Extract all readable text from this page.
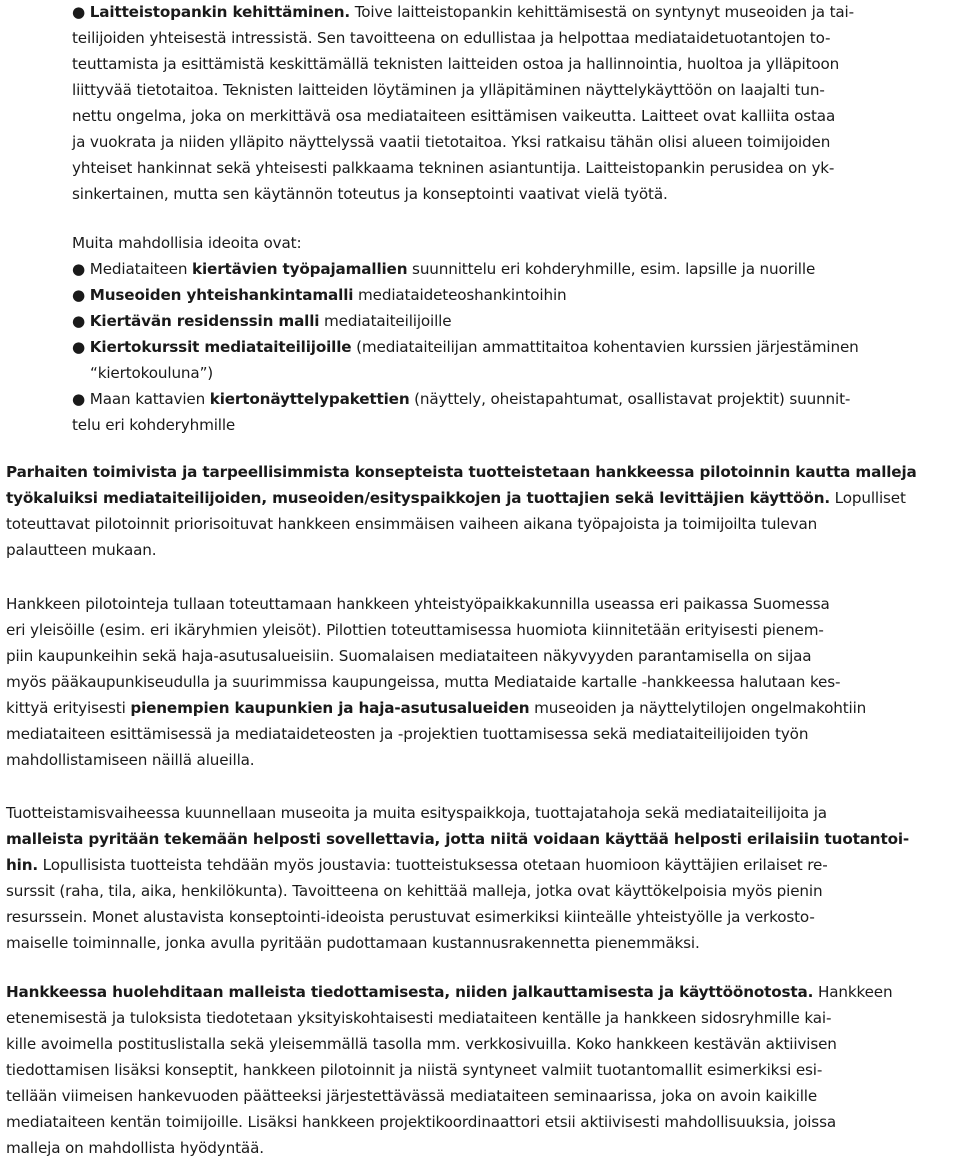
● Laitteistopankin kehittäminen. Toive laitteistopankin kehittämisestä on syntynyt museoiden ja tai-
teilijoiden yhteisestä intressistä. Sen tavoitteena on edullistaa ja helpottaa mediataidetuotantojen to-
teuttamista ja esittämistä keskittämällä teknisten laitteiden ostoa ja hallinnointia, huoltoa ja ylläpitoon
liittyvää tietotaitoa. Teknisten laitteiden löytäminen ja ylläpitäminen näyttelykäyttöön on laajalti tun-
nettu ongelma, joka on merkittävä osa mediataiteen esittämisen vaikeutta. Laitteet ovat kalliita ostaa
ja vuokrata ja niiden ylläpito näyttelyssä vaatii tietotaitoa. Yksi ratkaisu tähän olisi alueen toimijoiden
yhteiset hankinnat sekä yhteisesti palkkaama tekninen asiantuntija. Laitteistopankin perusidea on yk-
sinkertainen, mutta sen käytännön toteutus ja konseptointi vaativat vielä työtä.
Muita mahdollisia ideoita ovat:
● Mediataiteen kiertävien työpajamallien suunnittelu eri kohderyhmille, esim. lapsille ja nuorille
● Museoiden yhteishankintamalli mediataideteoshankintoihin
● Kiertävän residenssin malli mediataiteilijoille
● Kiertokurssit mediataiteilijoille (mediataiteilijan ammattitaitoa kohentavien kurssien järjestäminen
“kiertokouluna”)
● Maan kattavien kiertonäyttelypakettien (näyttely, oheistapahtumat, osallistavat projektit) suunnit-
telu eri kohderyhmille
Parhaiten toimivista ja tarpeellisimmista konsepteista tuotteistetaan hankkeessa pilotoinnin kautta malleja
työkaluiksi mediataiteilijoiden, museoiden/esityspaikkojen ja tuottajien sekä levittäjien käyttöön. Lopulliset
toteuttavat pilotoinnit priorisoituvat hankkeen ensimmäisen vaiheen aikana työpajoista ja toimijoilta tulevan
palautteen mukaan.
Hankkeen pilotointeja tullaan toteuttamaan hankkeen yhteistyöpaikkakunnilla useassa eri paikassa Suomessa
eri yleisöille (esim. eri ikäryhmien yleisöt). Pilottien toteuttamisessa huomiota kiinnitetään erityisesti pienem-
piin kaupunkeihin sekä haja-asutusalueisiin. Suomalaisen mediataiteen näkyvyyden parantamisella on sijaa
myös pääkaupunkiseudulla ja suurimmissa kaupungeissa, mutta Mediataide kartalle -hankkeessa halutaan kes-
kittyä erityisesti pienempien kaupunkien ja haja-asutusalueiden museoiden ja näyttelytilojen ongelmakohtiin
mediataiteen esittämisessä ja mediataideteosten ja -projektien tuottamisessa sekä mediataiteilijoiden työn
mahdollistamiseen näillä alueilla.
Tuotteistamisvaiheessa kuunnellaan museoita ja muita esityspaikkoja, tuottajatahoja sekä mediataiteilijoita ja
malleista pyritään tekemään helposti sovellettavia, jotta niitä voidaan käyttää helposti erilaisiin tuotantoi-
hin. Lopullisista tuotteista tehdään myös joustavia: tuotteistuksessa otetaan huomioon käyttäjien erilaiset re-
surssit (raha, tila, aika, henkilökunta). Tavoitteena on kehittää malleja, jotka ovat käyttökelpoisia myös pienin
resurssein. Monet alustavista konseptointi-ideoista perustuvat esimerkiksi kiinteälle yhteistyölle ja verkosto-
maiselle toiminnalle, jonka avulla pyritään pudottamaan kustannusrakennetta pienemmäksi.
Hankkeessa huolehditaan malleista tiedottamisesta, niiden jalkauttamisesta ja käyttöönotosta. Hankkeen
etenemisestä ja tuloksista tiedotetaan yksityiskohtaisesti mediataiteen kentälle ja hankkeen sidosryhmille kai-
kille avoimella postituslistalla sekä yleisemmällä tasolla mm. verkkosivuilla. Koko hankkeen kestävän aktiivisen
tiedottamisen lisäksi konseptit, hankkeen pilotoinnit ja niistä syntyneet valmiit tuotantomallit esimerkiksi esi-
tellään viimeisen hankevuoden päätteeksi järjestettävässä mediataiteen seminaarissa, joka on avoin kaikille
mediataiteen kentän toimijoille. Lisäksi hankkeen projektikoordinaattori etsii aktiivisesti mahdollisuuksia, joissa
malleja on mahdollista hyödyntää.
